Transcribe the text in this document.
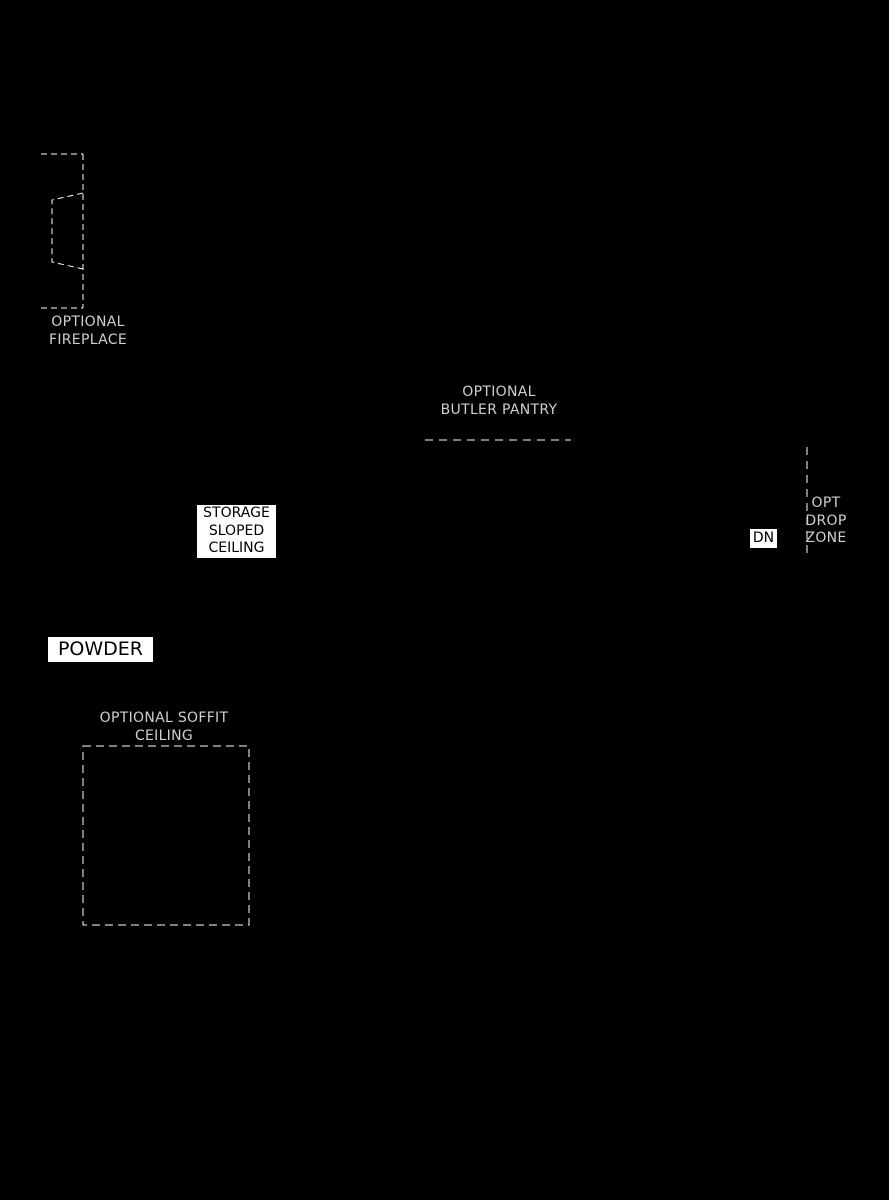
OPTIONAL
FIREPLACE
OPTIONAL
BUTLER PANTRY
STORAGE
SLOPED
CEILING
DN
OPT
DROP
ZONE
POWDER
OPTIONAL SOFFIT
CEILING
